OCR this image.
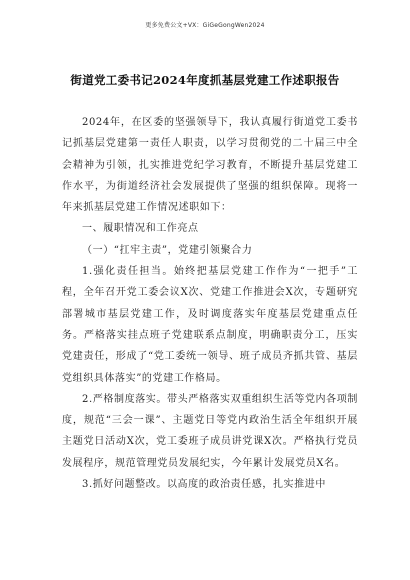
更多免费公文+VX：GiGeGongWen2024
街道党工委书记2024年度抓基层党建工作述职报告

2024年，在区委的坚强领导下，我认真履行街道党工委书记抓基层党建第一责任人职责，以学习贯彻党的二十届三中全会精神为引领，扎实推进党纪学习教育，不断提升基层党建工作水平，为街道经济社会发展提供了坚强的组织保障。现将一年来抓基层党建工作情况述职如下：

一、履职情况和工作亮点

（一）“扛牢主责”，党建引领聚合力

1.强化责任担当。始终把基层党建工作作为“一把手”工程，全年召开党工委会议X次、党建工作推进会X次，专题研究部署城市基层党建工作，及时调度落实年度基层党建重点任务。严格落实挂点班子党建联系点制度，明确职责分工，压实党建责任，形成了“党工委统一领导、班子成员齐抓共管、基层党组织具体落实”的党建工作格局。

2.严格制度落实。带头严格落实双重组织生活等党内各项制度，规范“三会一课”、主题党日等党内政治生活全年组织开展主题党日活动X次，党工委班子成员讲党课X次。严格执行党员发展程序，规范管理党员发展纪实，今年累计发展党员X名。

3.抓好问题整改。以高度的政治责任感，扎实推进中
